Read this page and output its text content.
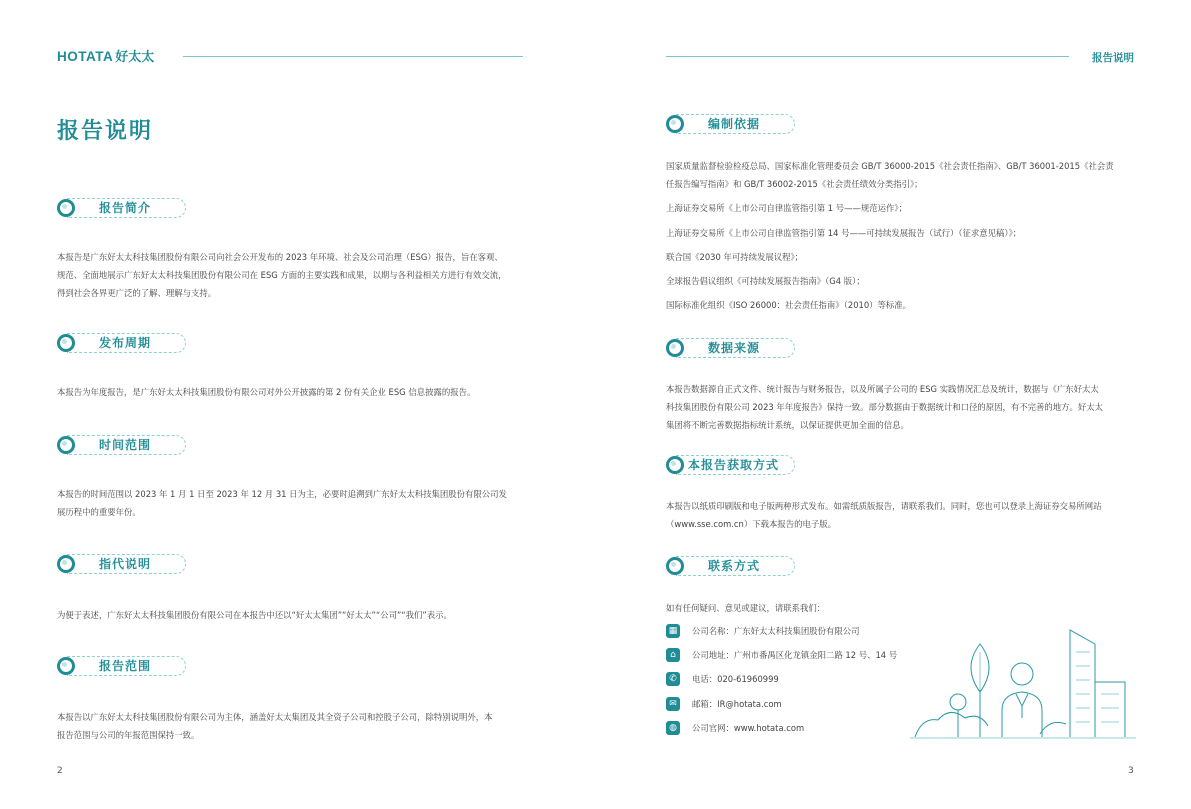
HOTATA 好太太	报告说明
报告说明
报告简介

本报告是广东好太太科技集团股份有限公司向社会公开发布的 2023 年环境、社会及公司治理（ESG）报告，旨在客观、

规范、全面地展示广东好太太科技集团股份有限公司在 ESG 方面的主要实践和成果，以期与各利益相关方进行有效交流，

得到社会各界更广泛的了解、理解与支持。

发布周期

本报告为年度报告，是广东好太太科技集团股份有限公司对外公开披露的第 2 份有关企业 ESG 信息披露的报告。

时间范围

本报告的时间范围以 2023 年 1 月 1 日至 2023 年 12 月 31 日为主，必要时追溯到广东好太太科技集团股份有限公司发

展历程中的重要年份。

指代说明

为便于表述，广东好太太科技集团股份有限公司在本报告中还以“好太太集团”“好太太”“公司”“我们”表示。

报告范围

本报告以广东好太太科技集团股份有限公司为主体，涵盖好太太集团及其全资子公司和控股子公司，除特别说明外，本

报告范围与公司的年报范围保持一致。

2
编制依据
国家质量监督检验检疫总局、国家标准化管理委员会 GB/T 36000-2015《社会责任指南》、GB/T 36001-2015《社会责
任报告编写指南》和 GB/T 36002-2015《社会责任绩效分类指引》；
上海证券交易所《上市公司自律监管指引第 1 号——规范运作》；
上海证券交易所《上市公司自律监管指引第 14 号——可持续发展报告（试行）（征求意见稿）》；
联合国《2030 年可持续发展议程》；
全球报告倡议组织《可持续发展报告指南》（G4 版）；
国际标准化组织《ISO 26000：社会责任指南》（2010）等标准。
数据来源

本报告数据源自正式文件、统计报告与财务报告，以及所属子公司的 ESG 实践情况汇总及统计，数据与《广东好太太

科技集团股份有限公司 2023 年年度报告》保持一致。部分数据由于数据统计和口径的原因，有不完善的地方。好太太

集团将不断完善数据指标统计系统，以保证提供更加全面的信息。

本报告获取方式

本报告以纸质印刷版和电子版两种形式发布。如需纸质版报告，请联系我们。同时，您也可以登录上海证券交易所网站

（www.sse.com.cn）下载本报告的电子版。

联系方式
如有任何疑问、意见或建议，请联系我们：
▦	公司名称：广东好太太科技集团股份有限公司
⌂	公司地址：广州市番禺区化龙镇金阳二路 12 号、14 号
✆	电话：020-61960999
✉	邮箱：IR@hotata.com
◍	公司官网：www.hotata.com
3
